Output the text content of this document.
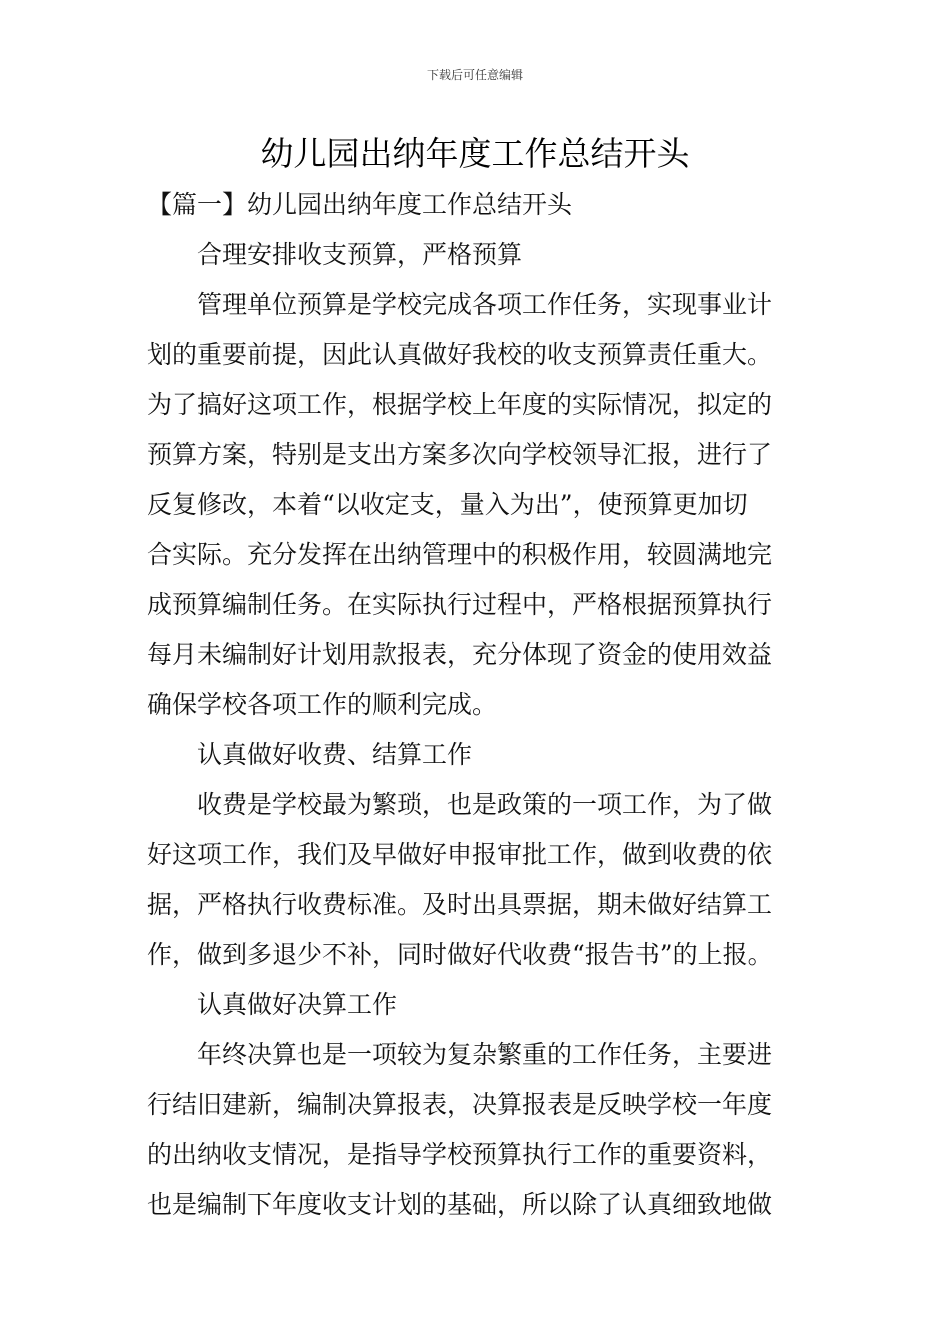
下载后可任意编辑
幼儿园出纳年度工作总结开头
【篇一】幼儿园出纳年度工作总结开头
合理安排收支预算，严格预算
管理单位预算是学校完成各项工作任务，实现事业计
划的重要前提，因此认真做好我校的收支预算责任重大。
为了搞好这项工作，根据学校上年度的实际情况，拟定的
预算方案，特别是支出方案多次向学校领导汇报，进行了
反复修改，本着“以收定支，量入为出”，使预算更加切
合实际。充分发挥在出纳管理中的积极作用，较圆满地完
成预算编制任务。在实际执行过程中，严格根据预算执行
每月未编制好计划用款报表，充分体现了资金的使用效益
确保学校各项工作的顺利完成。
认真做好收费、结算工作
收费是学校最为繁琐，也是政策的一项工作，为了做
好这项工作，我们及早做好申报审批工作，做到收费的依
据，严格执行收费标准。及时出具票据，期未做好结算工
作，做到多退少不补，同时做好代收费“报告书”的上报。
认真做好决算工作
年终决算也是一项较为复杂繁重的工作任务，主要进
行结旧建新，编制决算报表，决算报表是反映学校一年度
的出纳收支情况，是指导学校预算执行工作的重要资料，
也是编制下年度收支计划的基础，所以除了认真细致地做
